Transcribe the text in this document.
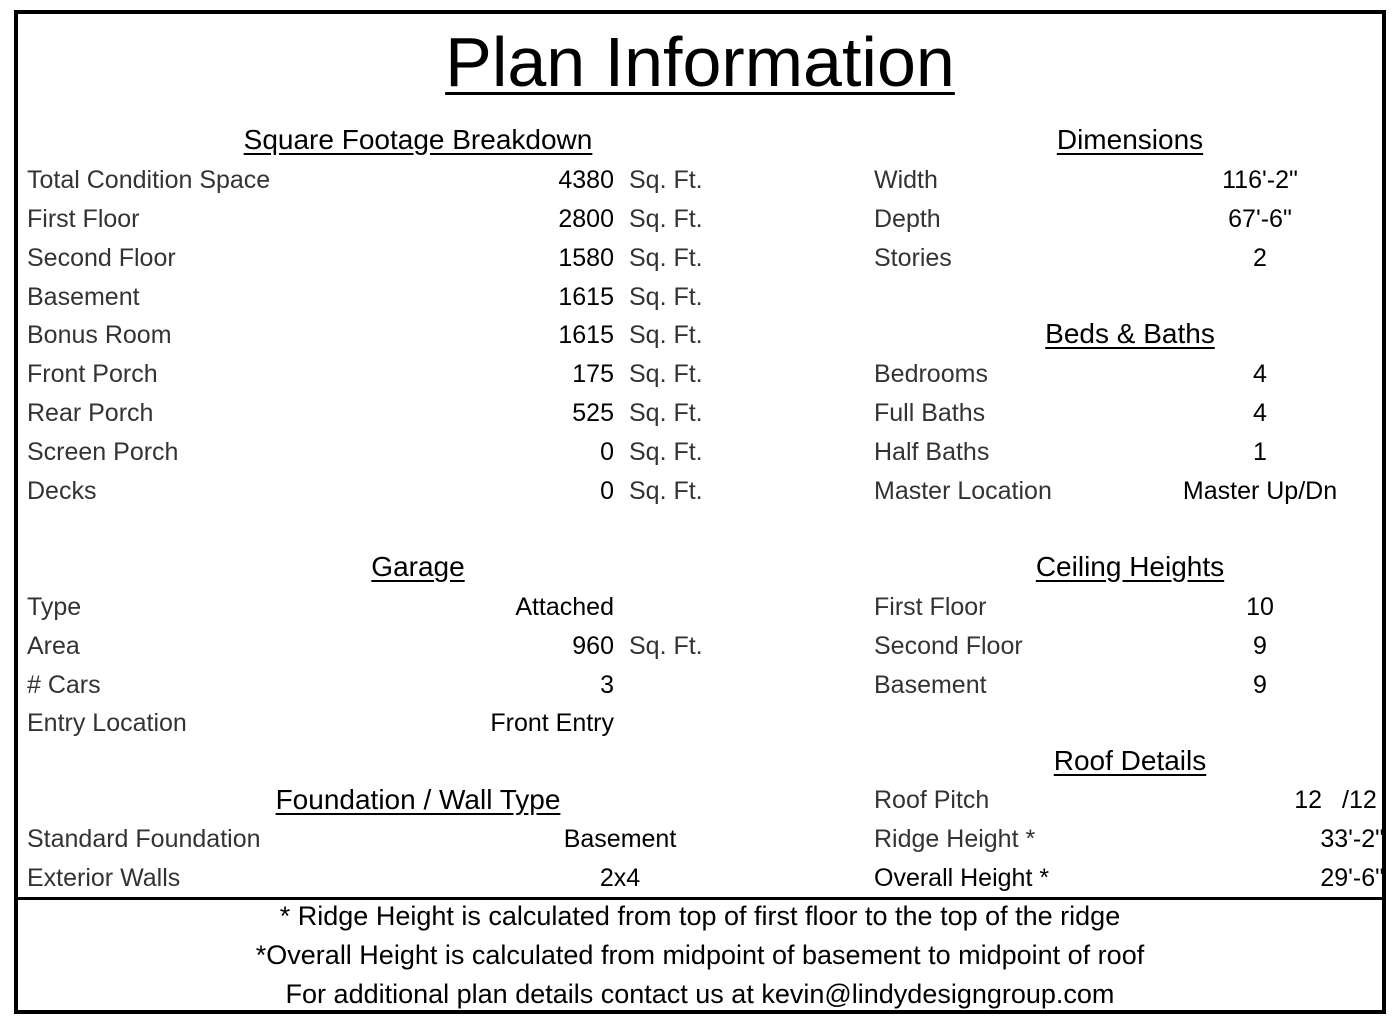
Plan Information
Square Footage Breakdown
Total Condition Space	4380 Sq. Ft.
First Floor	2800 Sq. Ft.
Second Floor	1580 Sq. Ft.
Basement	1615 Sq. Ft.
Bonus Room	1615 Sq. Ft.
Front Porch	175 Sq. Ft.
Rear Porch	525 Sq. Ft.
Screen Porch	0 Sq. Ft.
Decks	0 Sq. Ft.
Garage
Type	Attached
Area	960 Sq. Ft.
# Cars	3
Entry Location	Front Entry
Foundation / Wall Type
Standard Foundation	Basement
Exterior Walls	2x4
Dimensions
Width	116'-2"
Depth	67'-6"
Stories	2
Beds & Baths
Bedrooms	4
Full Baths	4
Half Baths	1
Master Location	Master Up/Dn
Ceiling Heights
First Floor	10
Second Floor	9
Basement	9
Roof Details
Roof Pitch	12 /12
Ridge Height *	33'-2"
Overall Height *	29'-6"
* Ridge Height is calculated from top of first floor to the top of the ridge
*Overall Height is calculated from midpoint of basement to midpoint of roof
For additional plan details contact us at kevin@lindydesigngroup.com
